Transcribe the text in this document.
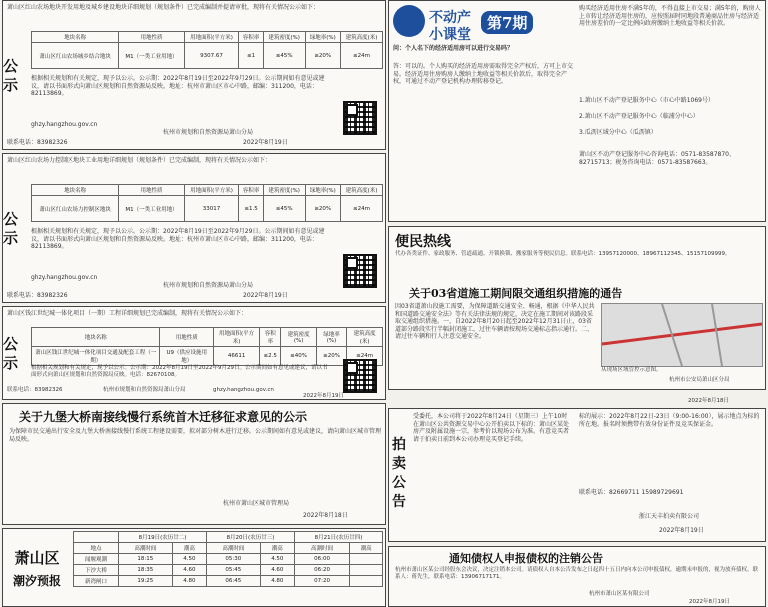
萧山区红山农场地块开发用地及城乡建设地块详细规划（规划条件）已完成编制并提请审批，现将有关情况公示如下：
公示
地块名称	用地性质	用地面积(平方米)	容积率	建筑密度(%)	绿地率(%)	建筑高度(米)
萧山区红山农场城乡结合地块	M1（一类工业用地）	9307.67	≤1	≤45%	≥20%	≤24m
根据相关规划和有关规定，现予以公示。公示期：2022年8月19日至2022年9月29日。公示期间如有意见或建议，请以书面形式向萧山区规划和自然资源局反映。地址：杭州市萧山区市心中路，邮编：311200，电话：82113869。
ghzy.hangzhou.gov.cn
杭州市规划和自然资源局萧山分局
联系电话：83982326	2022年8月19日
萧山区红山农场力控制区地块工业用地详细规划（规划条件）已完成编制，现将有关情况公示如下：
公示
地块名称	用地性质	用地面积(平方米)	容积率	建筑密度(%)	绿地率(%)	建筑高度(米)
萧山区红山农场力控制区地块	M1（一类工业用地）	33017	≤1.5	≤45%	≥20%	≤24m
根据相关规划和有关规定，现予以公示。公示期：2022年8月19日至2022年9月29日。公示期间如有意见或建议，请以书面形式向萧山区规划和自然资源局反映。地址：杭州市萧山区市心中路，邮编：311200，电话：82113869。
ghzy.hangzhou.gov.cn
杭州市规划和自然资源局萧山分局
联系电话：83982326	2022年8月19日
萧山区钱江世纪城一体化项目（一期）工程详细规划已完成编制，现将有关情况公示如下：
公示
地块名称	用地性质	用地面积(平方米)	容积率	建筑密度(%)	绿地率(%)	建筑高度(米)
萧山区钱江世纪城一体化项目交通及配套工程（一期）	U9（供应设施用地）	46611	≤2.5	≤40%	≥20%	≤24m
根据相关规划和有关规定，现予以公示。公示期：2022年8月19日至2022年9月29日。公示期间如有意见或建议，请以书面形式向萧山区规划和自然资源局反映。电话：82670108。
ghzy.hangzhou.gov.cn
联系电话：83982326	杭州市规划和自然资源局萧山分局
2022年8月19日
关于九堡大桥南接线慢行系统首木迁移征求意见的公示
为保障市民交通出行安全及九堡大桥南接线慢行系统工程建设需要，拟对部分树木进行迁移。公示期间如有意见或建议，请向萧山区城市管理局反映。
杭州市萧山区城市管理局
2022年8月18日
萧山区
潮汐预报
	8月19日(农历廿二)		8月20日(农历廿三)		8月21日(农历廿四)	
地点	高潮时间	潮高	高潮时间	潮高	高潮时间	潮高
闻堰观潮	18:15	4.50	05:30	4.50	06:00	
下沙大桥	18:35	4.60	05:45	4.60	06:20	
新湾闸口	19:25	4.80	06:45	4.80	07:20	
不动产
小课堂
第7期
问：个人名下的经济适用房可以进行交易吗？
答：可以的。个人购买的经济适用房需取得完全产权后，方可上市交易。经济适用住房购房人缴纳土地收益等相关价款后，取得完全产权，可通过不动产登记机构办理转移登记。
购买经济适用住房不满5年的，不得直接上市交易；满5年的，购房人上市转让经济适用住房的，应按照届时同地段普通商品住房与经济适用住房差价的一定比例向政府缴纳土地收益等相关价款。
1.萧山区不动产登记服务中心（市心中路1069号）
2.萧山区不动产登记服务中心（临浦分中心）
3.瓜沥区域分中心（瓜沥镇）
萧山区不动产登记服务中心咨询电话：0571-83587870、82715713；税务咨询电话：0571-83587663。
便民热线
代办各类证件、家政服务、管道疏通、开锁换锁、搬家服务等便民信息。联系电话：13957120000、18967112345、15157109999。
关于03省道施工期间限交通组织措施的通告
因03省道萧山段施工需要，为保障道路交通安全、畅通，根据《中华人民共和国道路交通安全法》等有关法律法规的规定，决定在施工期间对该路段采取交通组织措施。一、自2022年8月20日起至2022年12月31日止，03省道部分路段实行半幅封闭施工，过往车辆请按现场交通标志指示通行。二、请过往车辆和行人注意交通安全。
从现场区域管控示意图。
杭州市公安局萧山区分局
2022年8月18日
拍卖公告
受委托，本公司将于2022年8月24日（星期三）上午10时在萧山区公共资源交易中心公开拍卖以下标的：萧山区某处房产及附属设施一宗，参考价以现场公布为准。有意竞买者请于拍卖日前到本公司办理竞买登记手续。
标的展示：2022年8月22日-23日（9:00-16:00），展示地点为标的所在地。报名时须携带有效身份证件及竞买保证金。
联系电话：82669711 15989729691
浙江天丰拍卖有限公司
2022年8月19日
通知债权人申报债权的注销公告
杭州市萧山区某公司经股东会决议，决定注销本公司。请债权人自本公告发布之日起四十五日内向本公司申报债权，逾期未申报的，视为放弃债权。联系人：蒋先生，联系电话：13906717171。
杭州市萧山区某有限公司
2022年8月19日
